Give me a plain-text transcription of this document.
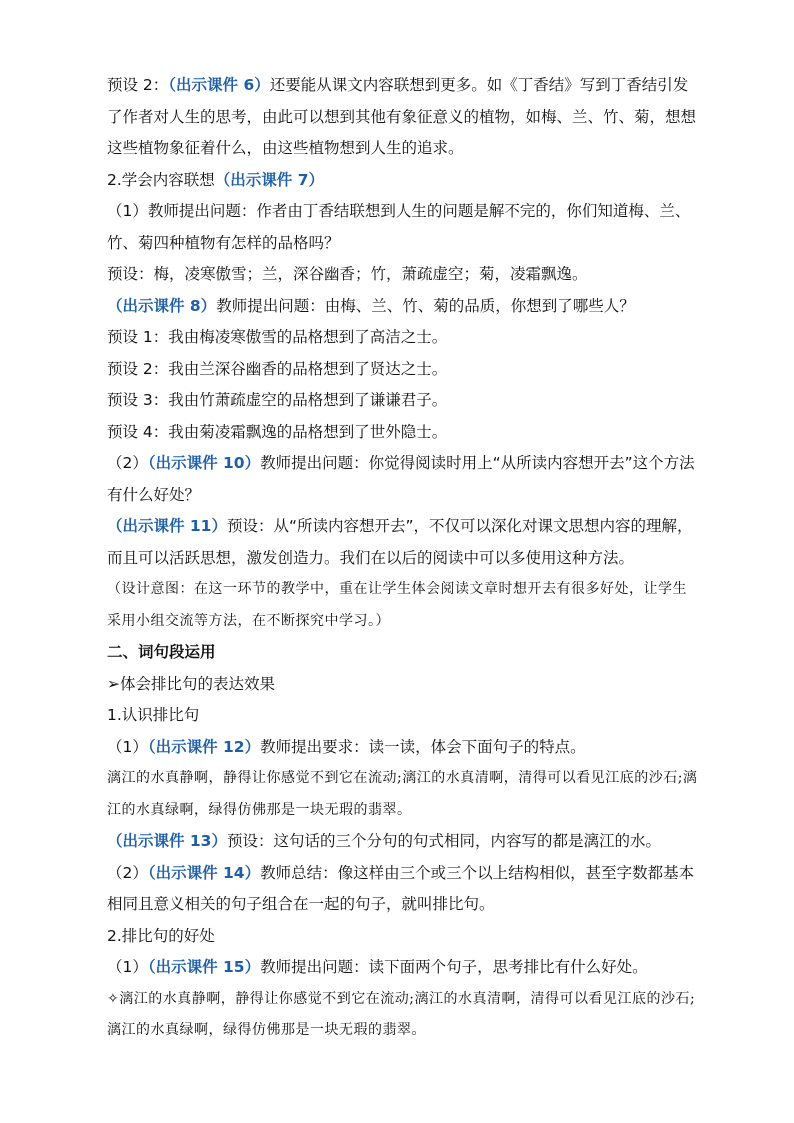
预设 2：（出示课件 6）还要能从课文内容联想到更多。如《丁香结》写到丁香结引发了作者对人生的思考，由此可以想到其他有象征意义的植物，如梅、兰、竹、菊，想想这些植物象征着什么，由这些植物想到人生的追求。

2.学会内容联想（出示课件 7）

（1）教师提出问题：作者由丁香结联想到人生的问题是解不完的，你们知道梅、兰、竹、菊四种植物有怎样的品格吗？

预设：梅，凌寒傲雪；兰，深谷幽香；竹，萧疏虚空；菊，凌霜飘逸。

（出示课件 8）教师提出问题：由梅、兰、竹、菊的品质，你想到了哪些人？

预设 1：我由梅凌寒傲雪的品格想到了高洁之士。

预设 2：我由兰深谷幽香的品格想到了贤达之士。

预设 3：我由竹萧疏虚空的品格想到了谦谦君子。

预设 4：我由菊凌霜飘逸的品格想到了世外隐士。

（2）（出示课件 10）教师提出问题：你觉得阅读时用上“从所读内容想开去”这个方法有什么好处？

（出示课件 11）预设：从“所读内容想开去”，不仅可以深化对课文思想内容的理解，而且可以活跃思想，激发创造力。我们在以后的阅读中可以多使用这种方法。

（设计意图：在这一环节的教学中，重在让学生体会阅读文章时想开去有很多好处，让学生采用小组交流等方法，在不断探究中学习。）

二、词句段运用

➢体会排比句的表达效果

1.认识排比句

（1）（出示课件 12）教师提出要求：读一读，体会下面句子的特点。

漓江的水真静啊，静得让你感觉不到它在流动;漓江的水真清啊，清得可以看见江底的沙石;漓江的水真绿啊，绿得仿佛那是一块无瑕的翡翠。

（出示课件 13）预设：这句话的三个分句的句式相同，内容写的都是漓江的水。

（2）（出示课件 14）教师总结：像这样由三个或三个以上结构相似，甚至字数都基本相同且意义相关的句子组合在一起的句子，就叫排比句。

2.排比句的好处

（1）（出示课件 15）教师提出问题：读下面两个句子，思考排比有什么好处。

✧漓江的水真静啊，静得让你感觉不到它在流动;漓江的水真清啊，清得可以看见江底的沙石;漓江的水真绿啊，绿得仿佛那是一块无瑕的翡翠。
